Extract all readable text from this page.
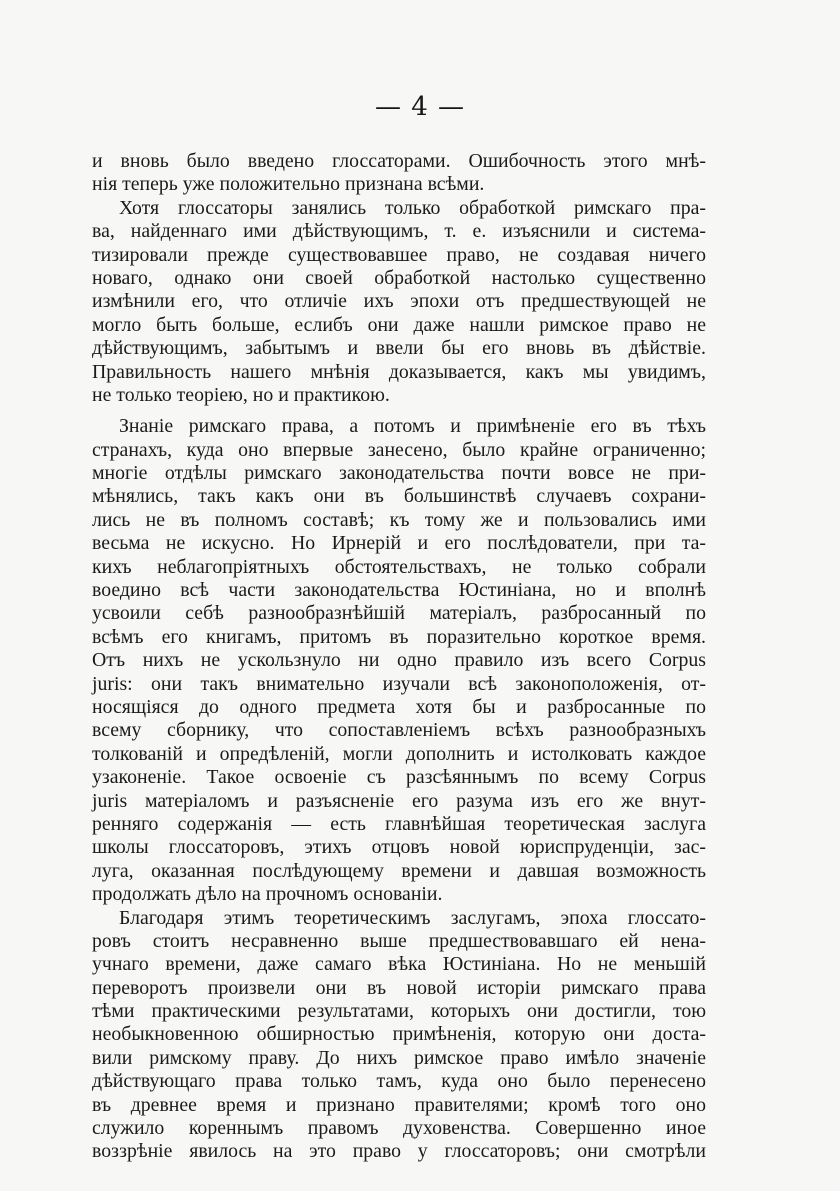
— 4 —
и вновь было введено глоссаторами. Ошибочность этого мнѣ-
нія теперь уже положительно признана всѣми.
Хотя глоссаторы занялись только обработкой римскаго пра-
ва, найденнаго ими дѣйствующимъ, т. е. изъяснили и система-
тизировали прежде существовавшее право, не создавая ничего
новаго, однако они своей обработкой настолько существенно
измѣнили его, что отличіе ихъ эпохи отъ предшествующей не
могло быть больше, еслибъ они даже нашли римское право не
дѣйствующимъ, забытымъ и ввели бы его вновь въ дѣйствіе.
Правильность нашего мнѣнія доказывается, какъ мы увидимъ,
не только теоріею, но и практикою.
Знаніе римскаго права, а потомъ и примѣненіе его въ тѣхъ
странахъ, куда оно впервые занесено, было крайне ограниченно;
многіе отдѣлы римскаго законодательства почти вовсе не при-
мѣнялись, такъ какъ они въ большинствѣ случаевъ сохрани-
лись не въ полномъ составѣ; къ тому же и пользовались ими
весьма не искусно. Но Ирнерій и его послѣдователи, при та-
кихъ неблагопріятныхъ обстоятельствахъ, не только собрали
воедино всѣ части законодательства Юстиніана, но и вполнѣ
усвоили себѣ разнообразнѣйшій матеріалъ, разбросанный по
всѣмъ его книгамъ, притомъ въ поразительно короткое время.
Отъ нихъ не ускользнуло ни одно правило изъ всего Corpus
juris: они такъ внимательно изучали всѣ законоположенія, от-
носящіяся до одного предмета хотя бы и разбросанные по
всему сборнику, что сопоставленіемъ всѣхъ разнообразныхъ
толкованій и опредѣленій, могли дополнить и истолковать каждое
узаконеніе. Такое освоеніе съ разсѣяннымъ по всему Corpus
juris матеріаломъ и разъясненіе его разума изъ его же внут-
ренняго содержанія — есть главнѣйшая теоретическая заслуга
школы глоссаторовъ, этихъ отцовъ новой юриспруденціи, зас-
луга, оказанная послѣдующему времени и давшая возможность
продолжать дѣло на прочномъ основаніи.
Благодаря этимъ теоретическимъ заслугамъ, эпоха глоссато-
ровъ стоитъ несравненно выше предшествовавшаго ей нена-
учнаго времени, даже самаго вѣка Юстиніана. Но не меньшій
переворотъ произвели они въ новой исторіи римскаго права
тѣми практическими результатами, которыхъ они достигли, тою
необыкновенною обширностью примѣненія, которую они доста-
вили римскому праву. До нихъ римское право имѣло значеніе
дѣйствующаго права только тамъ, куда оно было перенесено
въ древнее время и признано правителями; кромѣ того оно
служило кореннымъ правомъ духовенства. Совершенно иное
воззрѣніе явилось на это право у глоссаторовъ; они смотрѣли
